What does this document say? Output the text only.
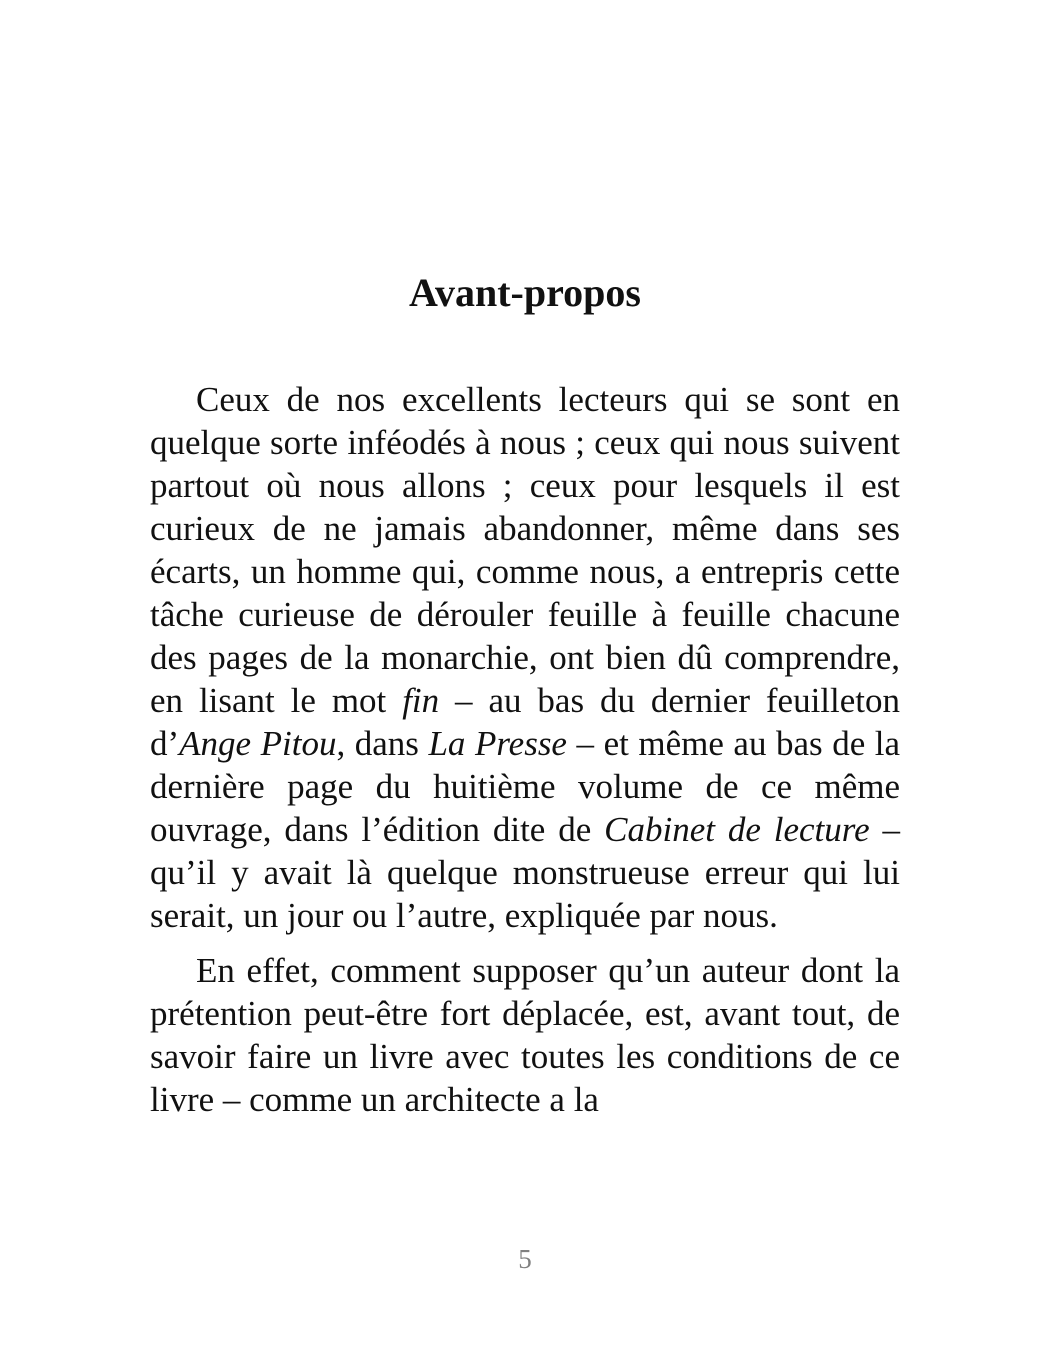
Avant-propos

Ceux de nos excellents lecteurs qui se sont en quelque sorte inféodés à nous ; ceux qui nous suivent partout où nous allons ; ceux pour lesquels il est curieux de ne jamais abandonner, même dans ses écarts, un homme qui, comme nous, a entrepris cette tâche curieuse de dérouler feuille à feuille chacune des pages de la monarchie, ont bien dû comprendre, en lisant le mot fin – au bas du dernier feuilleton d’Ange Pitou, dans La Presse – et même au bas de la dernière page du huitième volume de ce même ouvrage, dans l’édition dite de Cabinet de lecture – qu’il y avait là quelque monstrueuse erreur qui lui serait, un jour ou l’autre, expliquée par nous.

En effet, comment supposer qu’un auteur dont la prétention peut-être fort déplacée, est, avant tout, de savoir faire un livre avec toutes les conditions de ce livre – comme un architecte a la

5
